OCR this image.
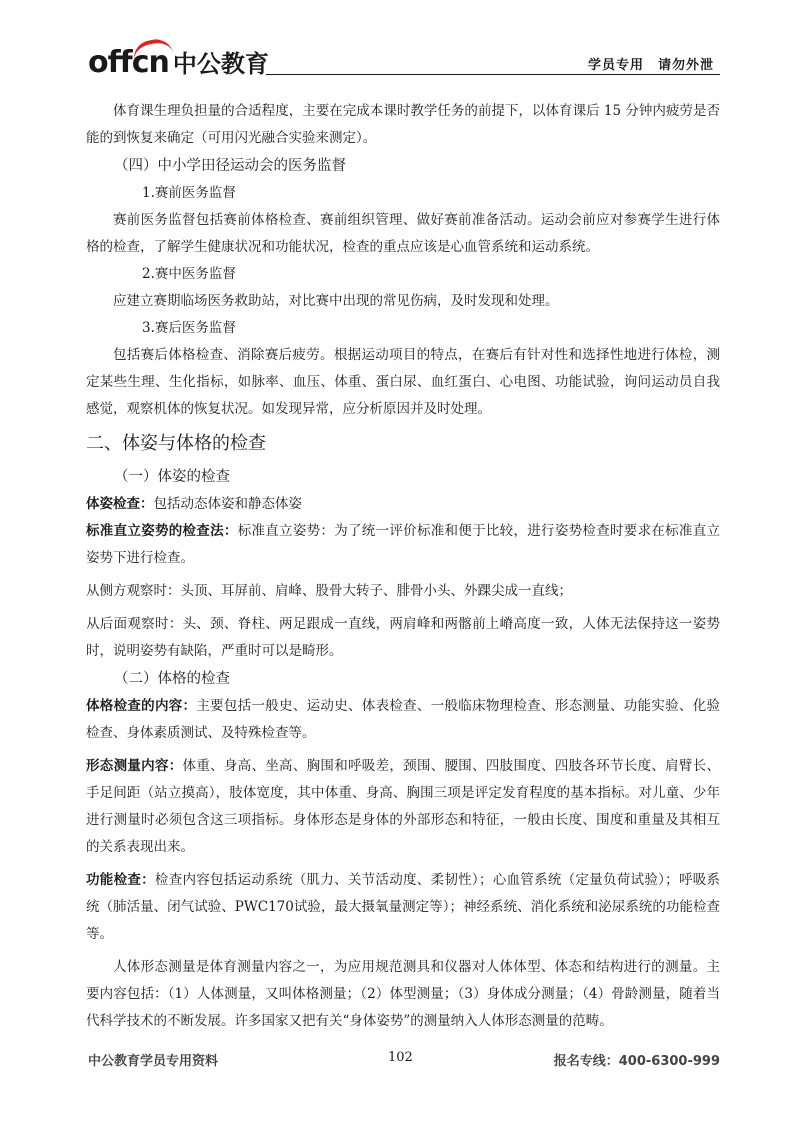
offcn 中公教育	学员专用 请勿外泄

体育课生理负担量的合适程度，主要在完成本课时教学任务的前提下，以体育课后 15 分钟内疲劳是否能的到恢复来确定（可用闪光融合实验来测定）。

（四）中小学田径运动会的医务监督

1.赛前医务监督

赛前医务监督包括赛前体格检查、赛前组织管理、做好赛前准备活动。运动会前应对参赛学生进行体格的检查，了解学生健康状况和功能状况，检查的重点应该是心血管系统和运动系统。

2.赛中医务监督

应建立赛期临场医务救助站，对比赛中出现的常见伤病，及时发现和处理。

3.赛后医务监督

包括赛后体格检查、消除赛后疲劳。根据运动项目的特点，在赛后有针对性和选择性地进行体检，测定某些生理、生化指标，如脉率、血压、体重、蛋白尿、血红蛋白、心电图、功能试验，询问运动员自我感觉，观察机体的恢复状况。如发现异常，应分析原因并及时处理。

二、体姿与体格的检查
（一）体姿的检查

体姿检查：包括动态体姿和静态体姿

标准直立姿势的检查法：标准直立姿势：为了统一评价标准和便于比较，进行姿势检查时要求在标准直立姿势下进行检查。

从侧方观察时：头顶、耳屏前、肩峰、股骨大转子、腓骨小头、外踝尖成一直线；

从后面观察时：头、颈、脊柱、两足跟成一直线，两肩峰和两髂前上嵴高度一致，人体无法保持这一姿势时，说明姿势有缺陷，严重时可以是畸形。

（二）体格的检查

体格检查的内容：主要包括一般史、运动史、体表检查、一般临床物理检查、形态测量、功能实验、化验检查、身体素质测试、及特殊检查等。

形态测量内容：体重、身高、坐高、胸围和呼吸差，颈围、腰围、四肢围度、四肢各环节长度、肩臂长、手足间距（站立摸高），肢体宽度，其中体重、身高、胸围三项是评定发育程度的基本指标。对儿童、少年进行测量时必须包含这三项指标。身体形态是身体的外部形态和特征，一般由长度、围度和重量及其相互的关系表现出来。

功能检查：检查内容包括运动系统（肌力、关节活动度、柔韧性）；心血管系统（定量负荷试验）；呼吸系统（肺活量、闭气试验、PWC170试验，最大摄氧量测定等）；神经系统、消化系统和泌尿系统的功能检查等。

人体形态测量是体育测量内容之一，为应用规范测具和仪器对人体体型、体态和结构进行的测量。主要内容包括：（1）人体测量，又叫体格测量；（2）体型测量；（3）身体成分测量；（4）骨龄测量，随着当代科学技术的不断发展。许多国家又把有关“身体姿势”的测量纳入人体形态测量的范畴。

中公教育学员专用资料	102	报名专线：400-6300-999
